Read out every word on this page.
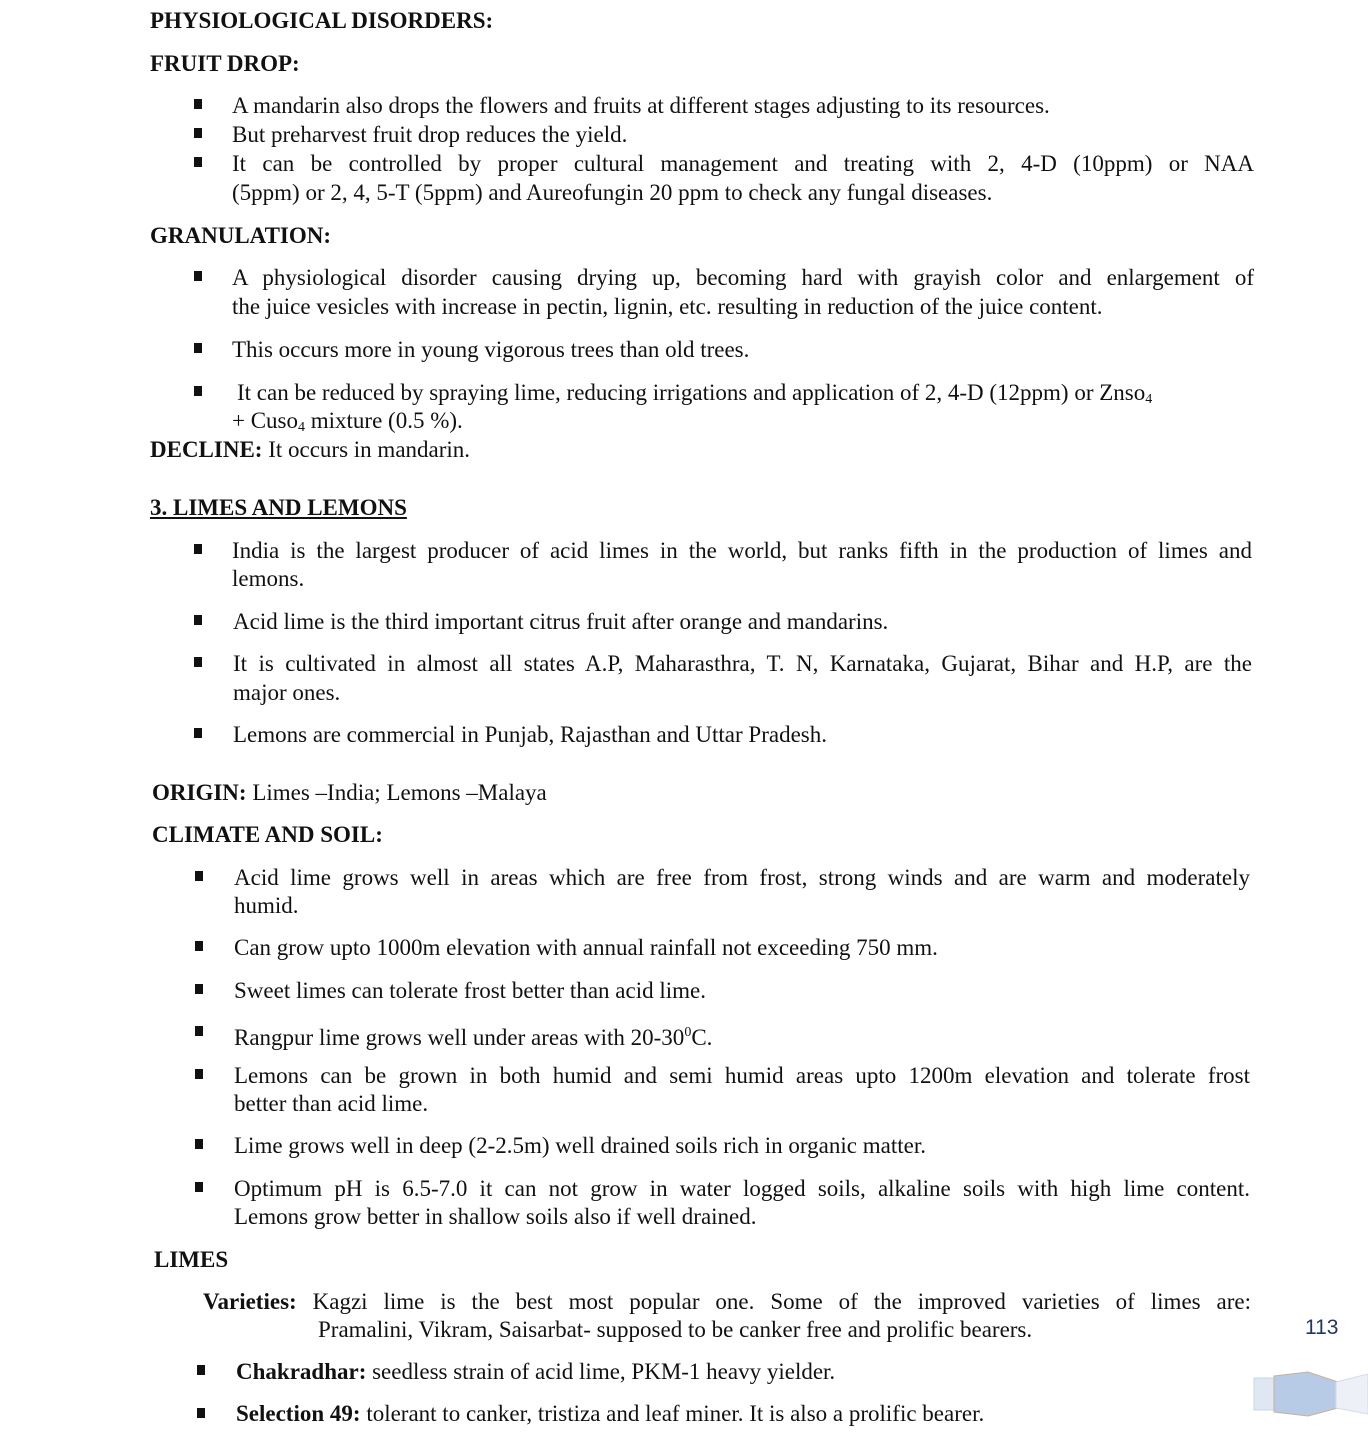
PHYSIOLOGICAL DISORDERS:
FRUIT DROP:
A mandarin also drops the flowers and fruits at different stages adjusting to its resources.
But preharvest fruit drop reduces the yield.
It can be controlled by proper cultural management and treating with 2, 4-D (10ppm) or NAA
(5ppm) or 2, 4, 5-T (5ppm) and Aureofungin 20 ppm to check any fungal diseases.
GRANULATION:
A physiological disorder causing drying up, becoming hard with grayish color and enlargement of
the juice vesicles with increase in pectin, lignin, etc. resulting in reduction of the juice content.
This occurs more in young vigorous trees than old trees.
It can be reduced by spraying lime, reducing irrigations and application of 2, 4-D (12ppm) or Znso$_4$
+ Cuso$_4$ mixture (0.5 %).
DECLINE: It occurs in mandarin.
3. LIMES AND LEMONS
India is the largest producer of acid limes in the world, but ranks fifth in the production of limes and
lemons.
Acid lime is the third important citrus fruit after orange and mandarins.
It is cultivated in almost all states A.P, Maharasthra, T. N, Karnataka, Gujarat, Bihar and H.P, are the
major ones.
Lemons are commercial in Punjab, Rajasthan and Uttar Pradesh.
ORIGIN: Limes –India; Lemons –Malaya
CLIMATE AND SOIL:
Acid lime grows well in areas which are free from frost, strong winds and are warm and moderately
humid.
Can grow upto 1000m elevation with annual rainfall not exceeding 750 mm.
Sweet limes can tolerate frost better than acid lime.
Rangpur lime grows well under areas with $20-30^0C$.
Lemons can be grown in both humid and semi humid areas upto 1200m elevation and tolerate frost
better than acid lime.
Lime grows well in deep (2-2.5m) well drained soils rich in organic matter.
Optimum pH is 6.5-7.0 it can not grow in water logged soils, alkaline soils with high lime content.
Lemons grow better in shallow soils also if well drained.
LIMES
Varieties: Kagzi lime is the best most popular one. Some of the improved varieties of limes are:
Pramalini, Vikram, Saisarbat- supposed to be canker free and prolific bearers.
Chakradhar: seedless strain of acid lime, PKM-1 heavy yielder.
Selection 49: tolerant to canker, tristiza and leaf miner. It is also a prolific bearer.
113
